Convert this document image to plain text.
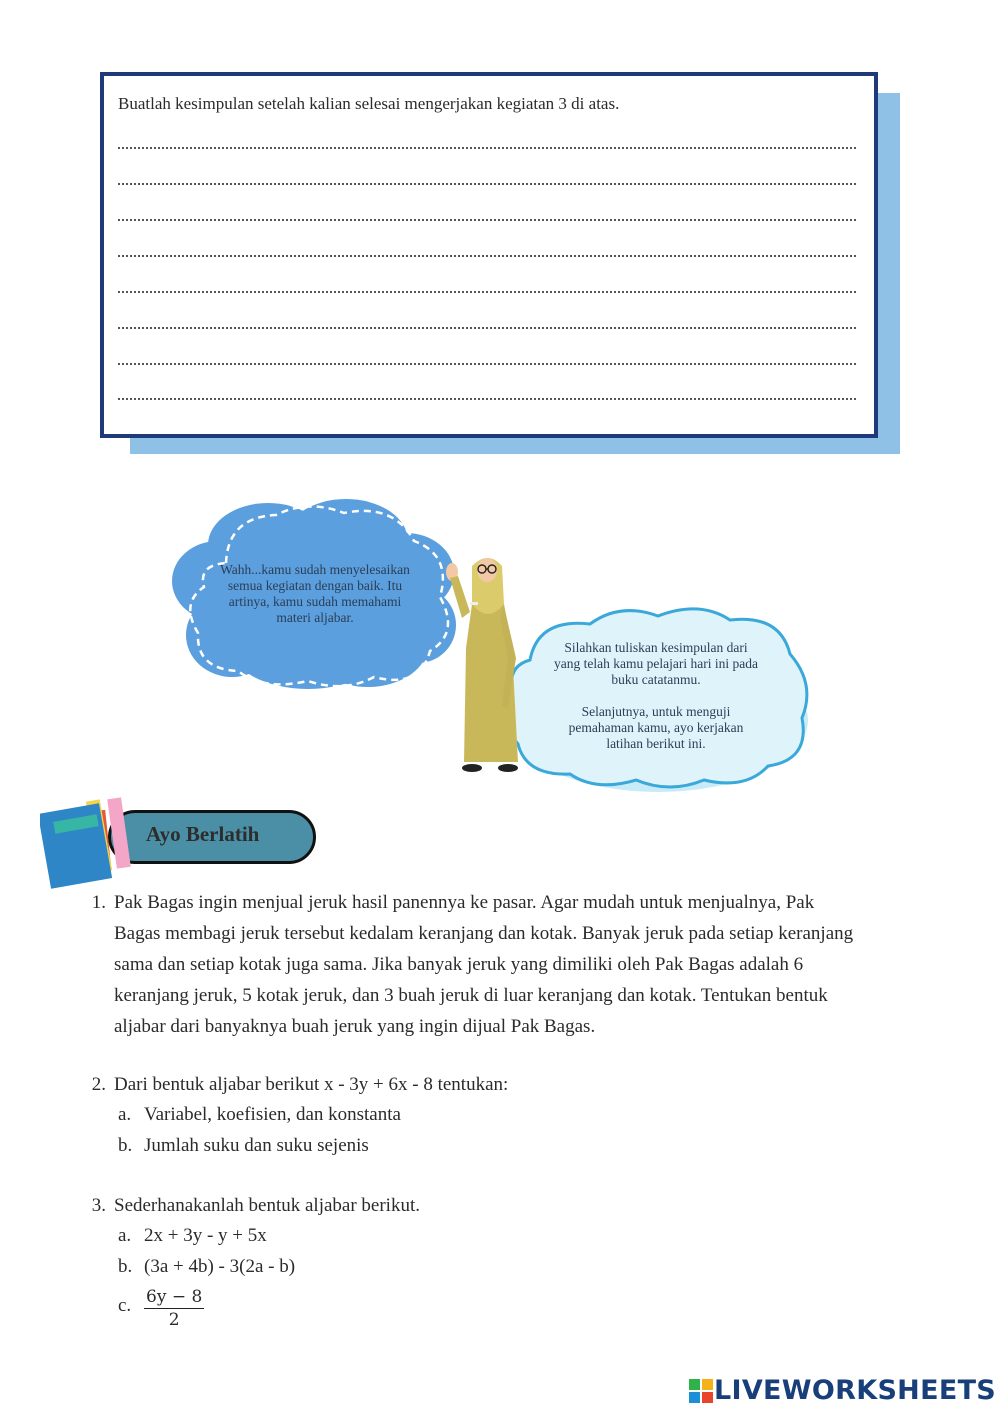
Buatlah kesimpulan setelah kalian selesai mengerjakan kegiatan 3 di atas.
Wahh...kamu sudah menyelesaikan
semua kegiatan dengan baik. Itu
artinya, kamu sudah memahami
materi aljabar.
Silahkan tuliskan kesimpulan dari
yang telah kamu pelajari hari ini pada
buku catatanmu.
Selanjutnya, untuk menguji
pemahaman kamu, ayo kerjakan
latihan berikut ini.
Ayo Berlatih
1. Pak Bagas ingin menjual jeruk hasil panennya ke pasar. Agar mudah untuk menjualnya, Pak
Bagas membagi jeruk tersebut kedalam keranjang dan kotak. Banyak jeruk pada setiap keranjang
sama dan setiap kotak juga sama. Jika banyak jeruk yang dimiliki oleh Pak Bagas adalah 6
keranjang jeruk, 5 kotak jeruk, dan 3 buah jeruk di luar keranjang dan kotak. Tentukan bentuk
aljabar dari banyaknya buah jeruk yang ingin dijual Pak Bagas.
2. Dari bentuk aljabar berikut x - 3y + 6x - 8 tentukan:
a. Variabel, koefisien, dan konstanta
b. Jumlah suku dan suku sejenis
3. Sederhanakanlah bentuk aljabar berikut.
a. 2x + 3y - y + 5x
b. (3a + 4b) - 3(2a - b)
c. $\frac{6y - 8}{2}$
LIVEWORKSHEETS
